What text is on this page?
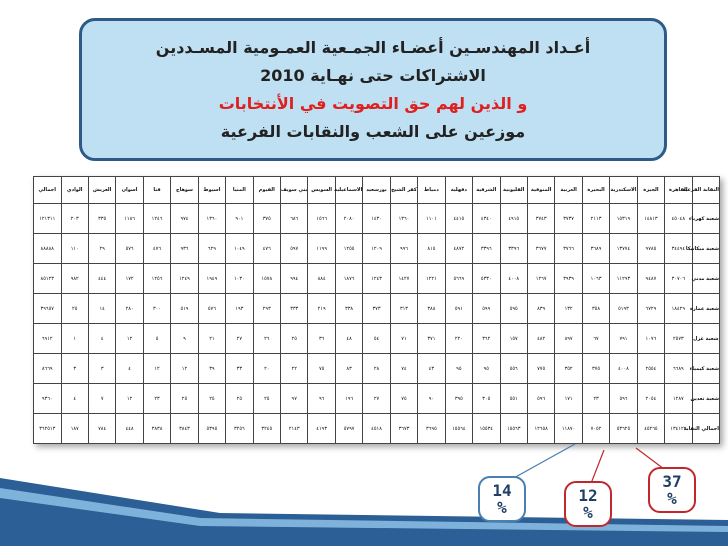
أعـداد المهندسـين أعضـاء الجمـعية العمـومية المسـددين
الاشتراكات حتى نهـاية 2010
و الذين لهم حق التصويت في الأنتخابات
موزعين على الشعب والنقابات الفرعية
النقابة الفرعية	القاهرة	الجيزة	الاسكندرية	البحيرة	الغربية	المنوفية	القليوبية	الشرقية	دقهلية	دمياط	كفر الشيخ	بورسعيد	الاسماعيلية	السويس	بني سويف	الفيوم	المنيا	اسيوط	سوهاج	قنا	اسوان	العريش	الوادي	اجمالي
شعبة كهرباء	٤٥٠٤٨	١٤٨١٣	١٥٣١٩	٢١١٣	٣٧٣٧	٣٧٤٣	٤٩١٥	٤٣٤٠	٤٤١٥	١١٠١	١٣٦٠	١٤٣٠	٢٠٨٠	١٥٦٦	٦٨٦	٣٧٥	٩٠١	١٣٦٠	٩٧٤	١٢٤٦	١١٨٦	٣٣٥	٢٠٣	١٢١٣١١
شعبة ميكانيكا	٣٤٤٩٤	٩٧٨٥	١٣٧٧٤	٣٦٨٩	٣٧٦٦	٣٦٧٧	٣٣٩٦	٣٣٩٦	٤٨٧٢	٨١٥	٩٩٦	١٢٠٩	١٢٥٥	١١٩٩	٥٩٧	٤٧٦	١٠٤٩	٦٢٩	٩٣٦	٤٧٦	٥٧٦	٢٩	١١٠	٨٨٨٨٨
شعبة مدني	٣٠٧٠٦	٩٤٨٧	١١٢٩٣	١٠٦٣	٣٩٣٩	١٢٦٧	٤٠٠٨	٥٣٣٠	٥٦٦٩	١٢٢١	١٤٢٧	١٢٤٣	١٨٧٦	٨٨٤	٩٩٤	١٥٧٨	١٠٣٠	١٩٤٩	١٢٤٩	١٢٥٦	١٧٢	٤٤٤	٩٨٢	٨٥١٢٣
شعبة عمارة	١٨٤٢٩	٦٧٢٩	٥١٩٣	٣٥٨	١٣٢	٨٣٩	٥٩٥	٥٩٩	٥٩١	٣٨٨	٣١٣	٣٧٣	٣٣٨	٢١٩	٣٣٣	٢٩٣	١٩٣	٥٧٦	٥١٩	٣٠٠	٢٨٠	١٤	٢٥	٣٩٦٥٧
شعبة غزل	٢٥٧٣	١٠٧٦	٧٩١	٦٧	٨٩٧	٤٨٢	١٥٧	٣٦٢	٢٢٠	٣٧١	٧١	٥٤	٤٨	٣٦	٢٥	٢٦	٢٧	٢١	٩	٥	١٢	٤	١	٦٩١٢
شعبة كيمياء	٦٦٨٩	٢٥٥٤	٤٠٠٨	٣٧٥	٣٥٢	٧٧٥	٥٥٦	٩٥	٩٥	٤٣	٧٤	٢٨	٨٣	٧٥	٢٢	٢٠	٣٣	٣٩	١٢	١٢	٤	٣	٣	٨٦٦٩
شعبة تعدين	١٢٨٧	٢٠٥٤	٥٩٦	٢٣	١٧١	٥٩٦	٥٥١	٣٠٥	٣٩٥	٩٠	٧٥	٢٧	١٩٦	٩٦	٩٧	٢٥	٢٥	٢٥	٢٥	٢٣	١٢	٧	٤	٩٣٦٠
اجمالي النقابة	١٣٤١٢٢	٤٥٢٦٥	٥٣٦٢٥	٧٠٥٢	١١٨٧٠	١٢٦٥٨	١٥٥٦٣	١٥٥٣٤	١٥٥٦٤	٣٦٩٥	٣٦٧٣	٤٥١٨	٥٧٩٧	٤١٩٣	٢١٤٣	٣٢٤٥	٣٢٥٦	٥٣٩٥	٣٨٤٣	٣٨٣٨	٤٤٨	٧٨٤	١٨٧	٣٦٢٥١٣
14
%
12
%
37
%
